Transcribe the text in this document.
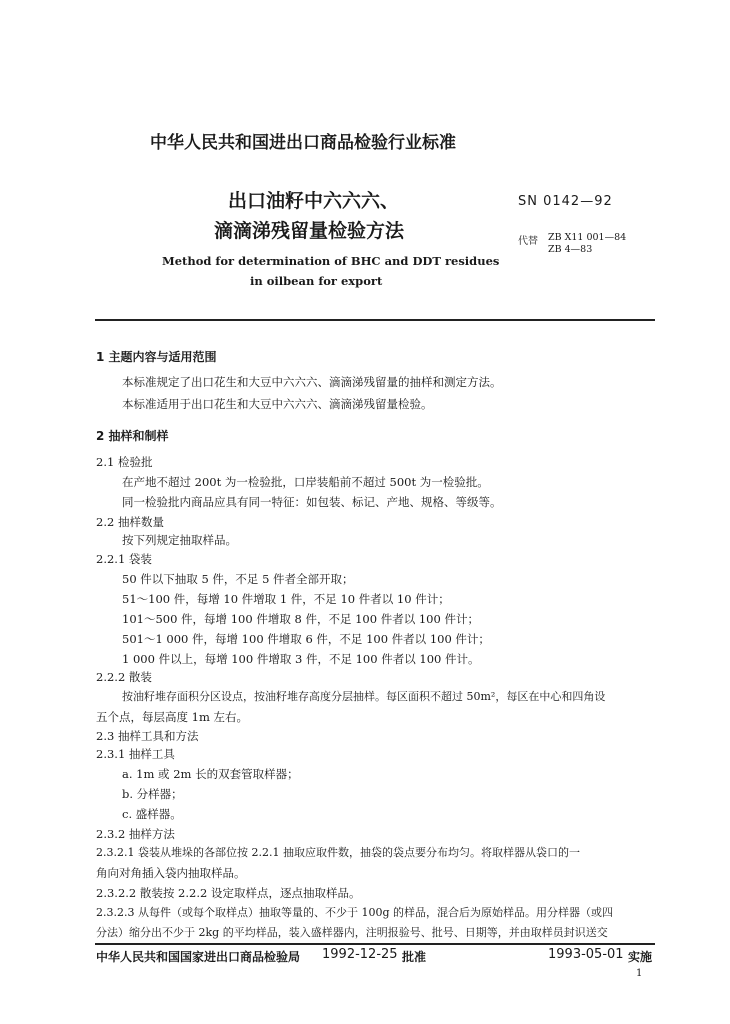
中华人民共和国进出口商品检验行业标准
出口油籽中六六六、
滴滴涕残留量检验方法
SN 0142—92
代替 ZB X11 001—84
ZB 4—83
Method for determination of BHC and DDT residues
in oilbean for export
1 主题内容与适用范围
本标准规定了出口花生和大豆中六六六、滴滴涕残留量的抽样和测定方法。
本标准适用于出口花生和大豆中六六六、滴滴涕残留量检验。
2 抽样和制样
2.1 检验批
在产地不超过 200t 为一检验批，口岸装船前不超过 500t 为一检验批。
同一检验批内商品应具有同一特征：如包装、标记、产地、规格、等级等。
2.2 抽样数量
按下列规定抽取样品。
2.2.1 袋装
50 件以下抽取 5 件，不足 5 件者全部开取；
51～100 件，每增 10 件增取 1 件，不足 10 件者以 10 件计；
101～500 件，每增 100 件增取 8 件，不足 100 件者以 100 件计；
501～1 000 件，每增 100 件增取 6 件，不足 100 件者以 100 件计；
1 000 件以上，每增 100 件增取 3 件，不足 100 件者以 100 件计。
2.2.2 散装
按油籽堆存面积分区设点，按油籽堆存高度分层抽样。每区面积不超过 50m²，每区在中心和四角设
五个点，每层高度 1m 左右。
2.3 抽样工具和方法
2.3.1 抽样工具
a. 1m 或 2m 长的双套管取样器；
b. 分样器；
c. 盛样器。
2.3.2 抽样方法
2.3.2.1 袋装从堆垛的各部位按 2.2.1 抽取应取件数，抽袋的袋点要分布均匀。将取样器从袋口的一
角向对角插入袋内抽取样品。
2.3.2.2 散装按 2.2.2 设定取样点，逐点抽取样品。
2.3.2.3 从每件（或每个取样点）抽取等量的、不少于 100g 的样品，混合后为原始样品。用分样器（或四
分法）缩分出不少于 2kg 的平均样品，装入盛样器内，注明报验号、批号、日期等，并由取样员封识送交
中华人民共和国国家进出口商品检验局 1992-12-25 批准	1993-05-01 实施
1
